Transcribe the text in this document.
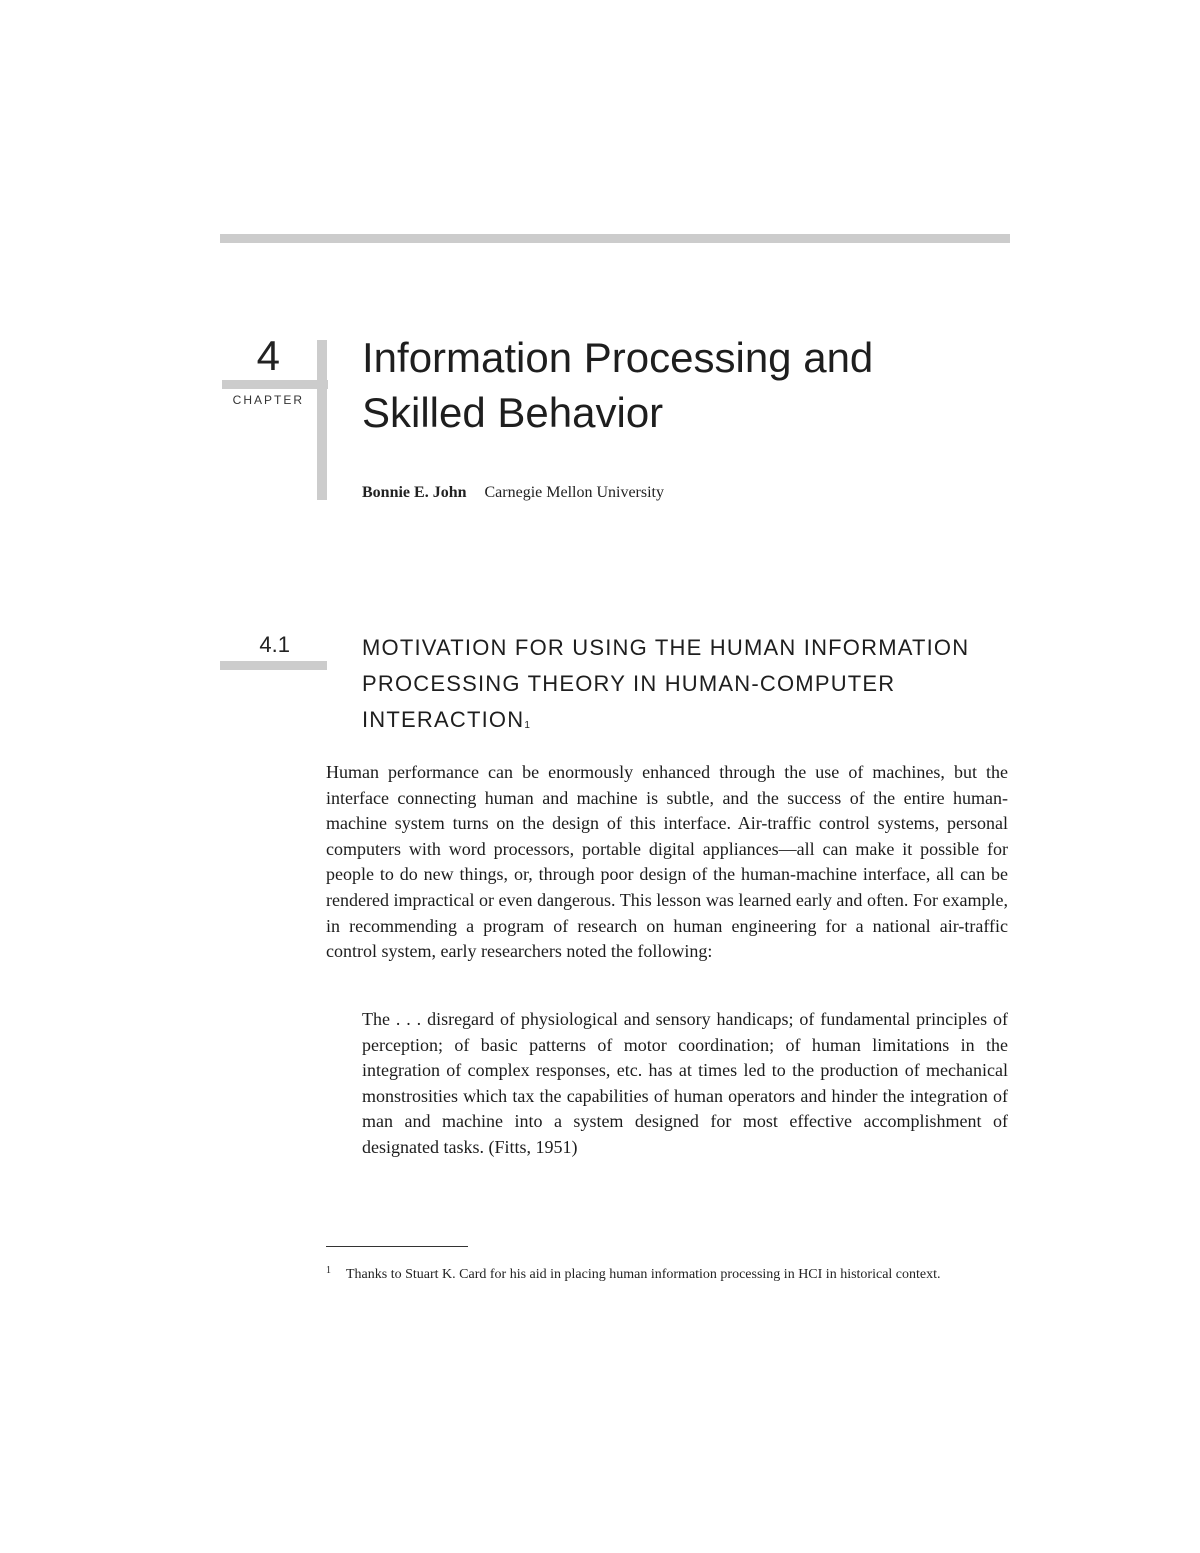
4
CHAPTER
Information Processing and
Skilled Behavior
Bonnie E. John Carnegie Mellon University
4.1	MOTIVATION FOR USING THE HUMAN INFORMATION
PROCESSING THEORY IN HUMAN-COMPUTER
INTERACTION$^1$

Human performance can be enormously enhanced through the use of machines, but the interface connecting human and machine is subtle, and the success of the entire human-machine system turns on the design of this interface. Air-traffic control systems, personal computers with word processors, portable digital appliances—all can make it possible for people to do new things, or, through poor design of the human-machine interface, all can be rendered impractical or even dangerous. This lesson was learned early and often. For example, in recommending a program of research on human engineering for a national air-traffic control system, early researchers noted the following:

The . . . disregard of physiological and sensory handicaps; of fundamental principles of perception; of basic patterns of motor coordination; of human limitations in the integration of complex responses, etc. has at times led to the production of mechanical monstrosities which tax the capabilities of human operators and hinder the integration of man and machine into a system designed for most effective accomplishment of designated tasks. (Fitts, 1951)

1	Thanks to Stuart K. Card for his aid in placing human information processing in HCI in historical context.
